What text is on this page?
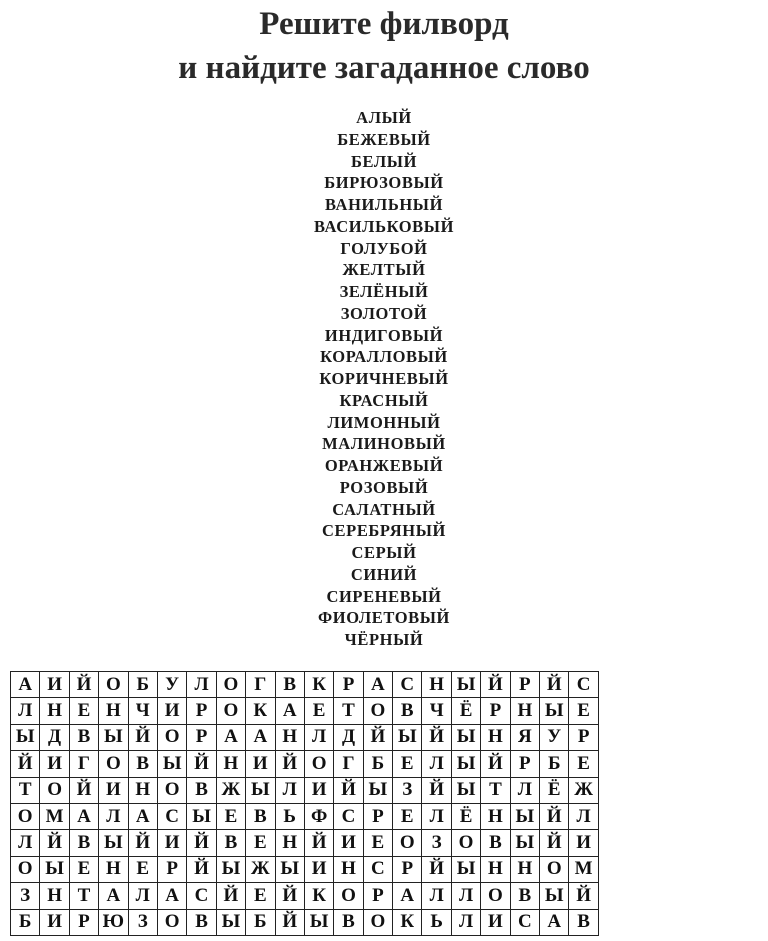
Решите филворд
и найдите загаданное слово
АЛЫЙ
БЕЖЕВЫЙ
БЕЛЫЙ
БИРЮЗОВЫЙ
ВАНИЛЬНЫЙ
ВАСИЛЬКОВЫЙ
ГОЛУБОЙ
ЖЕЛТЫЙ
ЗЕЛЁНЫЙ
ЗОЛОТОЙ
ИНДИГОВЫЙ
КОРАЛЛОВЫЙ
КОРИЧНЕВЫЙ
КРАСНЫЙ
ЛИМОННЫЙ
МАЛИНОВЫЙ
ОРАНЖЕВЫЙ
РОЗОВЫЙ
САЛАТНЫЙ
СЕРЕБРЯНЫЙ
СЕРЫЙ
СИНИЙ
СИРЕНЕВЫЙ
ФИОЛЕТОВЫЙ
ЧЁРНЫЙ
А	И	Й	О	Б	У	Л	О	Г	В	К	Р	А	С	Н	Ы	Й	Р	Й	С
Л	Н	Е	Н	Ч	И	Р	О	К	А	Е	Т	О	В	Ч	Ё	Р	Н	Ы	Е
Ы	Д	В	Ы	Й	О	Р	А	А	Н	Л	Д	Й	Ы	Й	Ы	Н	Я	У	Р
Й	И	Г	О	В	Ы	Й	Н	И	Й	О	Г	Б	Е	Л	Ы	Й	Р	Б	Е
Т	О	Й	И	Н	О	В	Ж	Ы	Л	И	Й	Ы	З	Й	Ы	Т	Л	Ё	Ж
О	М	А	Л	А	С	Ы	Е	В	Ь	Ф	С	Р	Е	Л	Ё	Н	Ы	Й	Л
Л	Й	В	Ы	Й	И	Й	В	Е	Н	Й	И	Е	О	З	О	В	Ы	Й	И
О	Ы	Е	Н	Е	Р	Й	Ы	Ж	Ы	И	Н	С	Р	Й	Ы	Н	Н	О	М
З	Н	Т	А	Л	А	С	Й	Е	Й	К	О	Р	А	Л	Л	О	В	Ы	Й
Б	И	Р	Ю	З	О	В	Ы	Б	Й	Ы	В	О	К	Ь	Л	И	С	А	В
